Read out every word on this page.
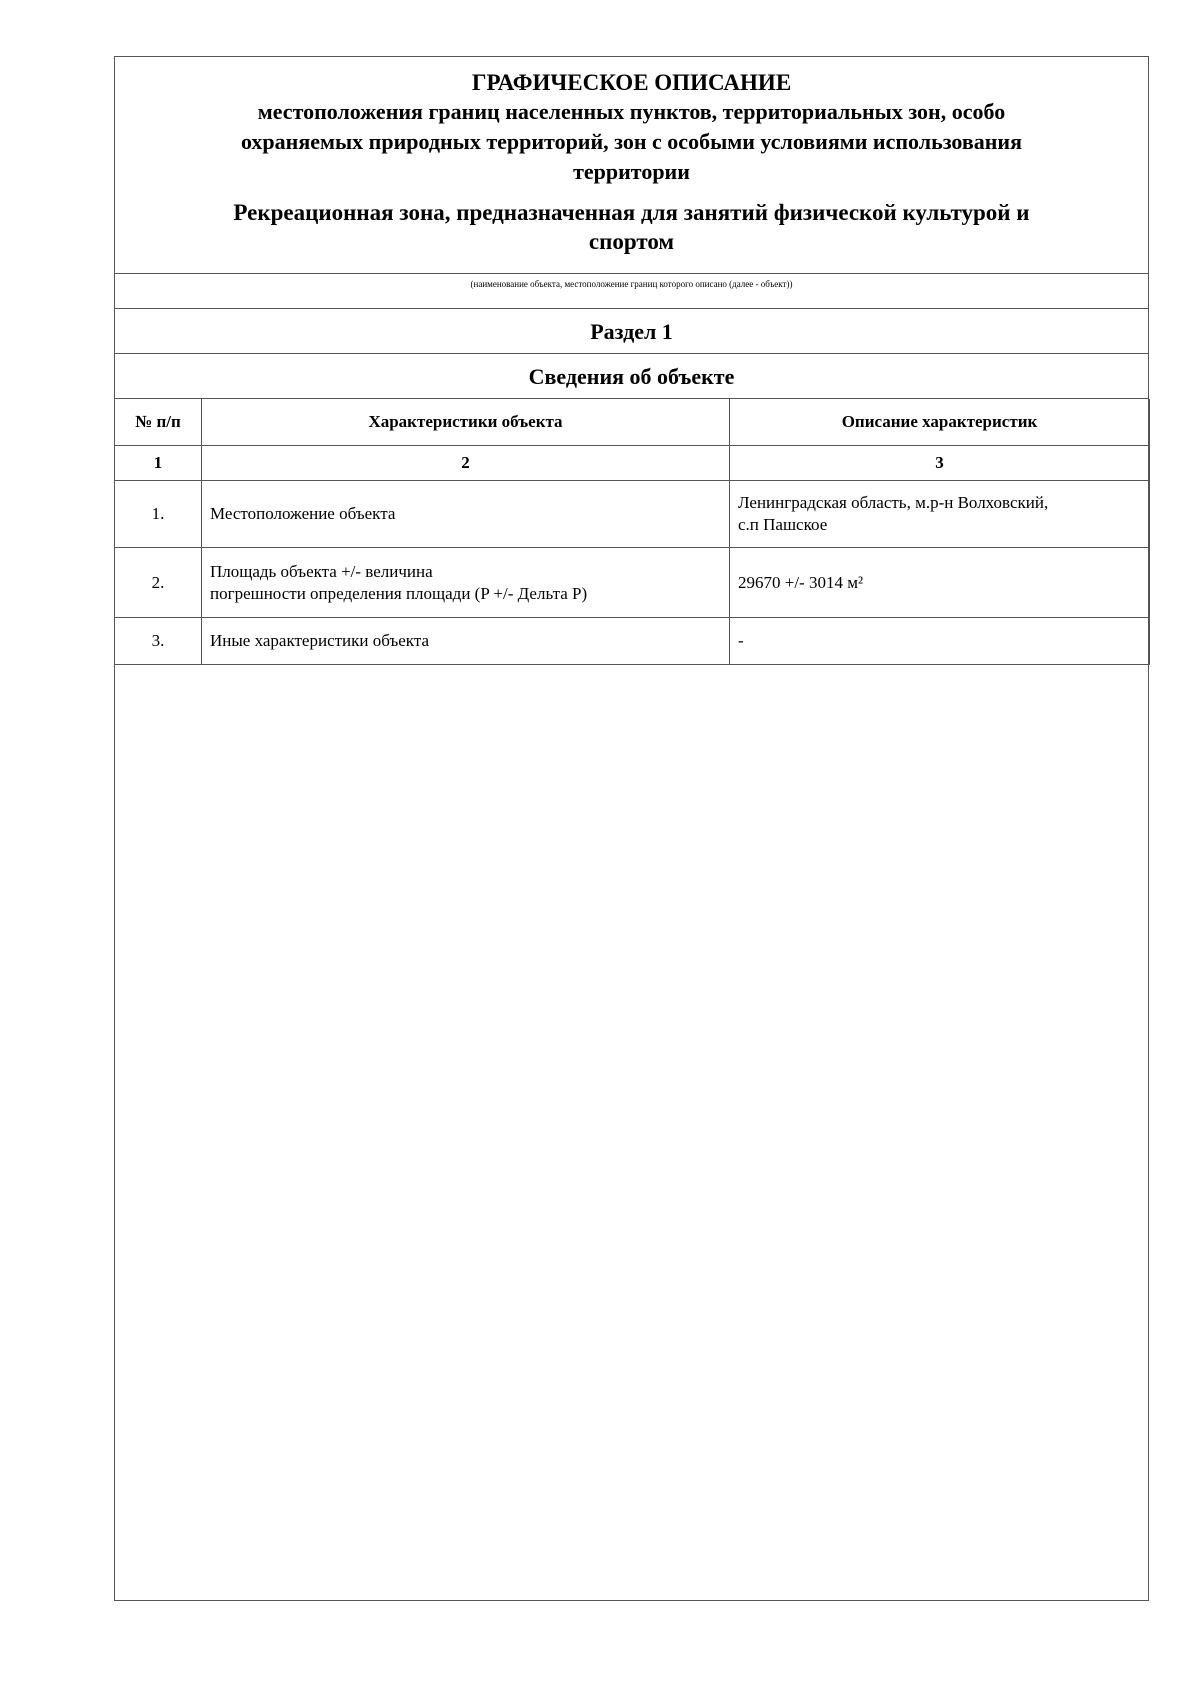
ГРАФИЧЕСКОЕ ОПИСАНИЕ

местоположения границ населенных пунктов, территориальных зон, особо

охраняемых природных территорий, зон с особыми условиями использования

территории

Рекреационная зона, предназначенная для занятий физической культурой и

спортом

(наименование объекта, местоположение границ которого описано (далее - объект))
Раздел 1
Сведения об объекте
№ п/п	Характеристики объекта	Описание характеристик
1	2	3
1.	Местоположение объекта	Ленинградская область, м.р-н Волховский,
с.п Пашское

2.	Площадь объекта +/- величина
погрешности определения площади (P +/- Дельта P)	29670 +/- 3014 м²
3.	Иные характеристики объекта	-
